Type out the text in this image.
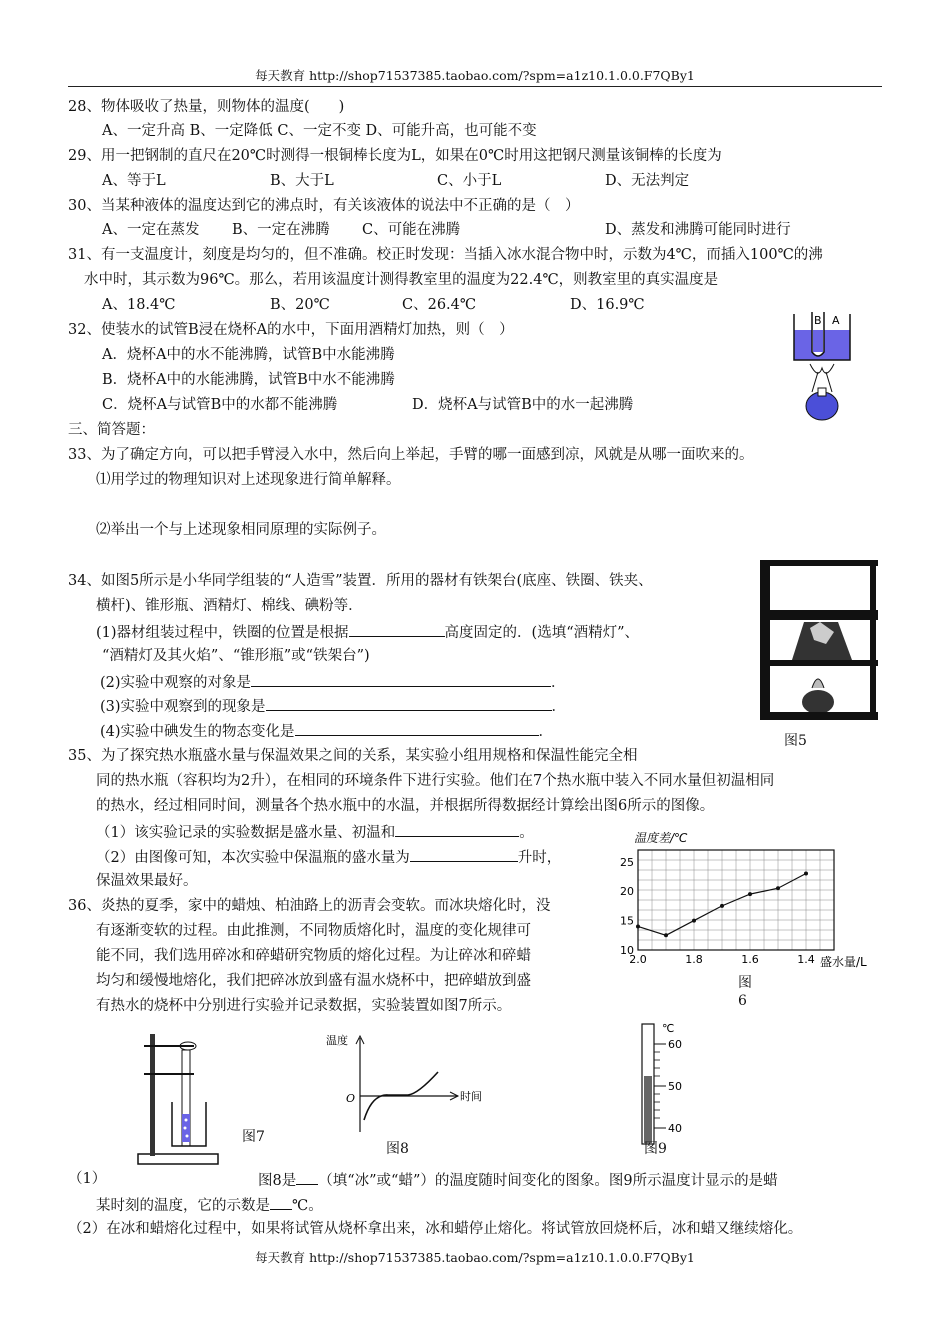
每天教育 http://shop71537385.taobao.com/?spm=a1z10.1.0.0.F7QBy1
28、物体吸收了热量，则物体的温度(　　)
A、一定升高 B、一定降低 C、一定不变 D、可能升高，也可能不变
29、用一把钢制的直尺在20℃时测得一根铜棒长度为L，如果在0℃时用这把钢尺测量该铜棒的长度为
A、等于L	B、大于L	C、小于L	D、无法判定
30、当某种液体的温度达到它的沸点时，有关该液体的说法中不正确的是（　）
A、一定在蒸发 B、一定在沸腾 C、可能在沸腾	D、蒸发和沸腾可能同时进行
31、有一支温度计，刻度是均匀的，但不准确。校正时发现：当插入冰水混合物中时，示数为4℃，而插入100℃的沸
水中时，其示数为96℃。那么，若用该温度计测得教室里的温度为22.4℃，则教室里的真实温度是
A、18.4℃	B、20℃	C、26.4℃	D、16.9℃
32、使装水的试管B浸在烧杯A的水中，下面用酒精灯加热，则（　）
A．烧杯A中的水不能沸腾，试管B中水能沸腾
B．烧杯A中的水能沸腾，试管B中水不能沸腾
C．烧杯A与试管B中的水都不能沸腾	D．烧杯A与试管B中的水一起沸腾
B A
三、简答题：
33、为了确定方向，可以把手臂浸入水中，然后向上举起，手臂的哪一面感到凉，风就是从哪一面吹来的。
⑴用学过的物理知识对上述现象进行简单解释。
⑵举出一个与上述现象相同原理的实际例子。
34、如图5所示是小华同学组装的“人造雪”装置．所用的器材有铁架台(底座、铁圈、铁夹、
横杆)、锥形瓶、酒精灯、棉线、碘粉等．
(1)器材组装过程中，铁圈的位置是根据	高度固定的．(选填“酒精灯”、
“酒精灯及其火焰”、“锥形瓶”或“铁架台”)
(2)实验中观察的对象是	．
(3)实验中观察到的现象是	．
(4)实验中碘发生的物态变化是	．
图5
35、为了探究热水瓶盛水量与保温效果之间的关系，某实验小组用规格和保温性能完全相
同的热水瓶（容积均为2升），在相同的环境条件下进行实验。他们在7个热水瓶中装入不同水量但初温相同
的热水，经过相同时间，测量各个热水瓶中的水温，并根据所得数据经计算绘出图6所示的图像。
（1）该实验记录的实验数据是盛水量、初温和	。
（2）由图像可知，本次实验中保温瓶的盛水量为	升时，
保温效果最好。
温度差/℃
盛水量/L
25
20
15
10
2.0	1.8	1.6	1.4
图
6
36、炎热的夏季，家中的蜡烛、柏油路上的沥青会变软。而冰块熔化时，没
有逐渐变软的过程。由此推测，不同物质熔化时，温度的变化规律可
能不同，我们选用碎冰和碎蜡研究物质的熔化过程。为让碎冰和碎蜡
均匀和缓慢地熔化，我们把碎冰放到盛有温水烧杯中，把碎蜡放到盛
有热水的烧杯中分别进行实验并记录数据，实验装置如图7所示。
图7
温度
时间
O
图8
℃
60
50
40
图9
（1）	图8是 （填“冰”或“蜡”）的温度随时间变化的图象。图9所示温度计显示的是蜡
某时刻的温度，它的示数是 ℃。
（2）在冰和蜡熔化过程中，如果将试管从烧杯拿出来，冰和蜡停止熔化。将试管放回烧杯后，冰和蜡又继续熔化。
每天教育 http://shop71537385.taobao.com/?spm=a1z10.1.0.0.F7QBy1
